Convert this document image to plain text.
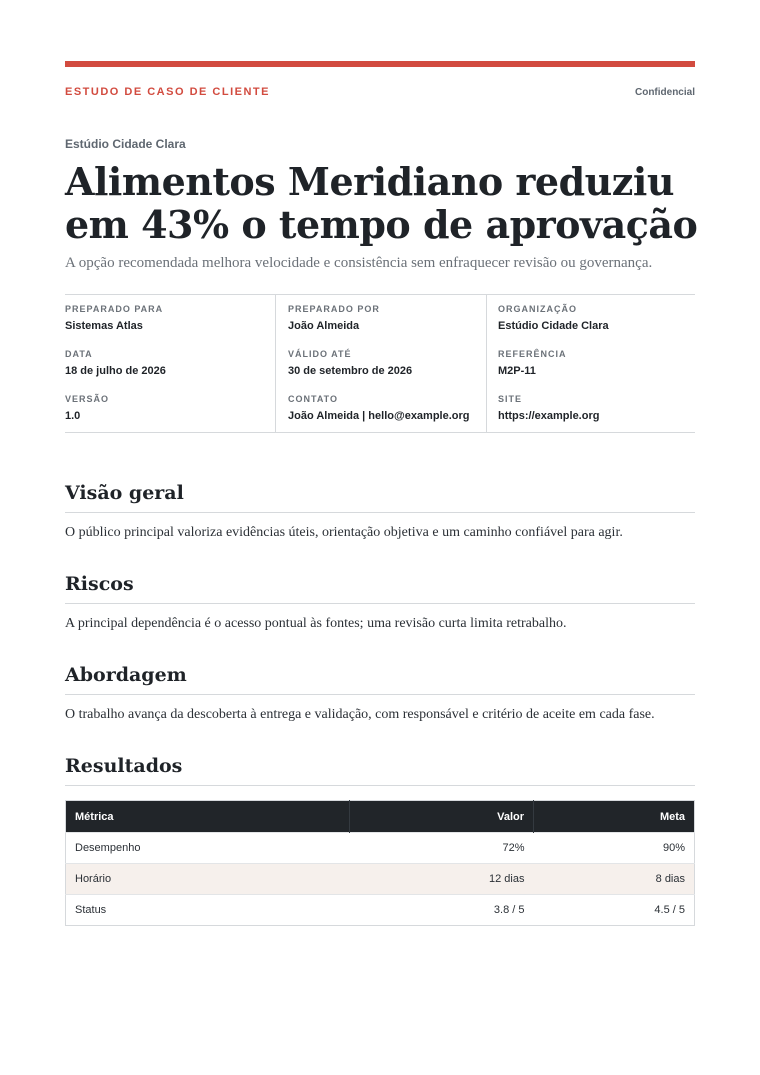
ESTUDO DE CASO DE CLIENTE	Confidencial
Estúdio Cidade Clara
Alimentos Meridiano reduziu em 43% o tempo de aprovação
A opção recomendada melhora velocidade e consistência sem enfraquecer revisão ou governança.
PREPARADO PARA
Sistemas Atlas
DATA
18 de julho de 2026
VERSÃO
1.0
PREPARADO POR
João Almeida
VÁLIDO ATÉ
30 de setembro de 2026
CONTATO
João Almeida | hello@example.org
ORGANIZAÇÃO
Estúdio Cidade Clara
REFERÊNCIA
M2P-11
SITE
https://example.org
Visão geral

O público principal valoriza evidências úteis, orientação objetiva e um caminho confiável para agir.

Riscos

A principal dependência é o acesso pontual às fontes; uma revisão curta limita retrabalho.

Abordagem

O trabalho avança da descoberta à entrega e validação, com responsável e critério de aceite em cada fase.

Resultados
Métrica	Valor	Meta
Desempenho	72%	90%
Horário	12 dias	8 dias
Status	3.8 / 5	4.5 / 5
